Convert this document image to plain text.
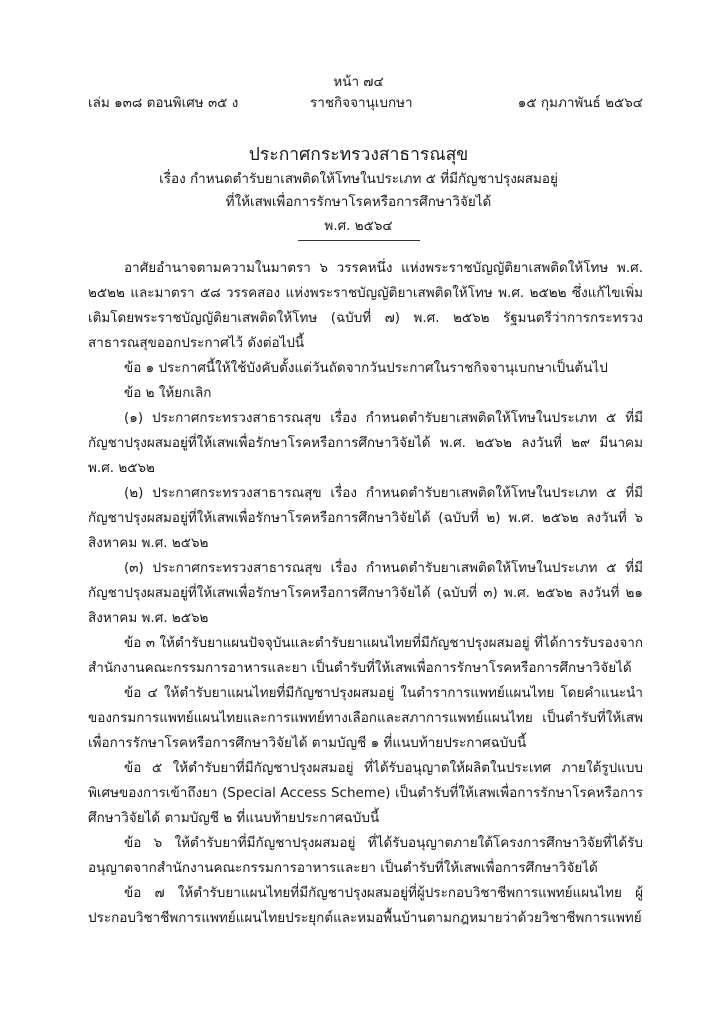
หน้า ๗๔
เล่ม ๑๓๘ ตอนพิเศษ ๓๕ ง	ราชกิจจานุเบกษา	๑๕ กุมภาพันธ์ ๒๕๖๔
ประกาศกระทรวงสาธารณสุข
เรื่อง กำหนดตำรับยาเสพติดให้โทษในประเภท ๕ ที่มีกัญชาปรุงผสมอยู่
ที่ให้เสพเพื่อการรักษาโรคหรือการศึกษาวิจัยได้
พ.ศ. ๒๕๖๔

อาศัยอำนาจตามความในมาตรา ๖ วรรคหนึ่ง แห่งพระราชบัญญัติยาเสพติดให้โทษ พ.ศ. ๒๕๒๒ และมาตรา ๕๘ วรรคสอง แห่งพระราชบัญญัติยาเสพติดให้โทษ พ.ศ. ๒๕๒๒ ซึ่งแก้ไขเพิ่มเติมโดยพระราชบัญญัติยาเสพติดให้โทษ (ฉบับที่ ๗) พ.ศ. ๒๕๖๒ รัฐมนตรีว่าการกระทรวงสาธารณสุขออกประกาศไว้ ดังต่อไปนี้

ข้อ ๑ ประกาศนี้ให้ใช้บังคับตั้งแต่วันถัดจากวันประกาศในราชกิจจานุเบกษาเป็นต้นไป

ข้อ ๒ ให้ยกเลิก

(๑) ประกาศกระทรวงสาธารณสุข เรื่อง กำหนดตำรับยาเสพติดให้โทษในประเภท ๕ ที่มีกัญชาปรุงผสมอยู่ที่ให้เสพเพื่อรักษาโรคหรือการศึกษาวิจัยได้ พ.ศ. ๒๕๖๒ ลงวันที่ ๒๙ มีนาคม พ.ศ. ๒๕๖๒

(๒) ประกาศกระทรวงสาธารณสุข เรื่อง กำหนดตำรับยาเสพติดให้โทษในประเภท ๕ ที่มีกัญชาปรุงผสมอยู่ที่ให้เสพเพื่อรักษาโรคหรือการศึกษาวิจัยได้ (ฉบับที่ ๒) พ.ศ. ๒๕๖๒ ลงวันที่ ๖ สิงหาคม พ.ศ. ๒๕๖๒

(๓) ประกาศกระทรวงสาธารณสุข เรื่อง กำหนดตำรับยาเสพติดให้โทษในประเภท ๕ ที่มีกัญชาปรุงผสมอยู่ที่ให้เสพเพื่อรักษาโรคหรือการศึกษาวิจัยได้ (ฉบับที่ ๓) พ.ศ. ๒๕๖๒ ลงวันที่ ๒๑ สิงหาคม พ.ศ. ๒๕๖๒

ข้อ ๓ ให้ตำรับยาแผนปัจจุบันและตำรับยาแผนไทยที่มีกัญชาปรุงผสมอยู่ ที่ได้การรับรองจากสำนักงานคณะกรรมการอาหารและยา เป็นตำรับที่ให้เสพเพื่อการรักษาโรคหรือการศึกษาวิจัยได้

ข้อ ๔ ให้ตำรับยาแผนไทยที่มีกัญชาปรุงผสมอยู่ ในตำราการแพทย์แผนไทย โดยคำแนะนำของกรมการแพทย์แผนไทยและการแพทย์ทางเลือกและสภาการแพทย์แผนไทย เป็นตำรับที่ให้เสพเพื่อการรักษาโรคหรือการศึกษาวิจัยได้ ตามบัญชี ๑ ที่แนบท้ายประกาศฉบับนี้

ข้อ ๕ ให้ตำรับยาที่มีกัญชาปรุงผสมอยู่ ที่ได้รับอนุญาตให้ผลิตในประเทศ ภายใต้รูปแบบพิเศษของการเข้าถึงยา (Special Access Scheme) เป็นตำรับที่ให้เสพเพื่อการรักษาโรคหรือการศึกษาวิจัยได้ ตามบัญชี ๒ ที่แนบท้ายประกาศฉบับนี้

ข้อ ๖ ให้ตำรับยาที่มีกัญชาปรุงผสมอยู่ ที่ได้รับอนุญาตภายใต้โครงการศึกษาวิจัยที่ได้รับอนุญาตจากสำนักงานคณะกรรมการอาหารและยา เป็นตำรับที่ให้เสพเพื่อการศึกษาวิจัยได้

ข้อ ๗ ให้ตำรับยาแผนไทยที่มีกัญชาปรุงผสมอยู่ที่ผู้ประกอบวิชาชีพการแพทย์แผนไทย ผู้ประกอบวิชาชีพการแพทย์แผนไทยประยุกต์และหมอพื้นบ้านตามกฎหมายว่าด้วยวิชาชีพการแพทย์
